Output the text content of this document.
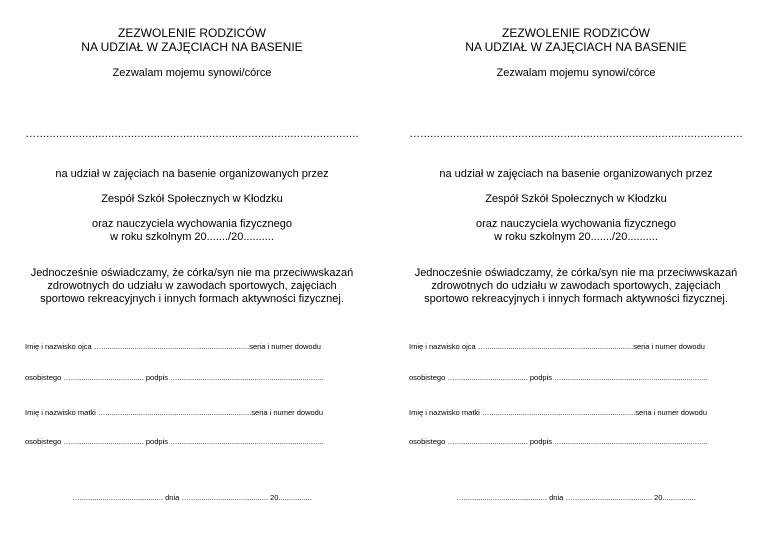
ZEZWOLENIE RODZICÓW
NA UDZIAŁ W ZAJĘCIACH NA BASENIE
Zezwalam mojemu synowi/córce
…...................................................................................................
na udział w zajęciach na basenie organizowanych przez
Zespół Szkół Społecznych w Kłodzku
oraz nauczyciela wychowania fizycznego
w roku szkolnym 20......./20..........
Jednocześnie oświadczamy, że córka/syn nie ma przeciwwskazań
zdrowotnych do udziału w zawodach sportowych, zajęciach
sportowo rekreacyjnych i innych formach aktywności fizycznej.
Imię i nazwisko ojca ….......................................................................seria i numer dowodu
osobistego …................................... podpis …......................................................................
Imię i nazwisko matki …......................................................................seria i numer dowodu
osobistego …................................... podpis …......................................................................
…........................................ dnia …...................................... 20................
ZEZWOLENIE RODZICÓW
NA UDZIAŁ W ZAJĘCIACH NA BASENIE
Zezwalam mojemu synowi/córce
…...................................................................................................
na udział w zajęciach na basenie organizowanych przez
Zespół Szkół Społecznych w Kłodzku
oraz nauczyciela wychowania fizycznego
w roku szkolnym 20......./20..........
Jednocześnie oświadczamy, że córka/syn nie ma przeciwwskazań
zdrowotnych do udziału w zawodach sportowych, zajęciach
sportowo rekreacyjnych i innych formach aktywności fizycznej.
Imię i nazwisko ojca ….......................................................................seria i numer dowodu
osobistego …................................... podpis …......................................................................
Imię i nazwisko matki …......................................................................seria i numer dowodu
osobistego …................................... podpis …......................................................................
…........................................ dnia …...................................... 20................
